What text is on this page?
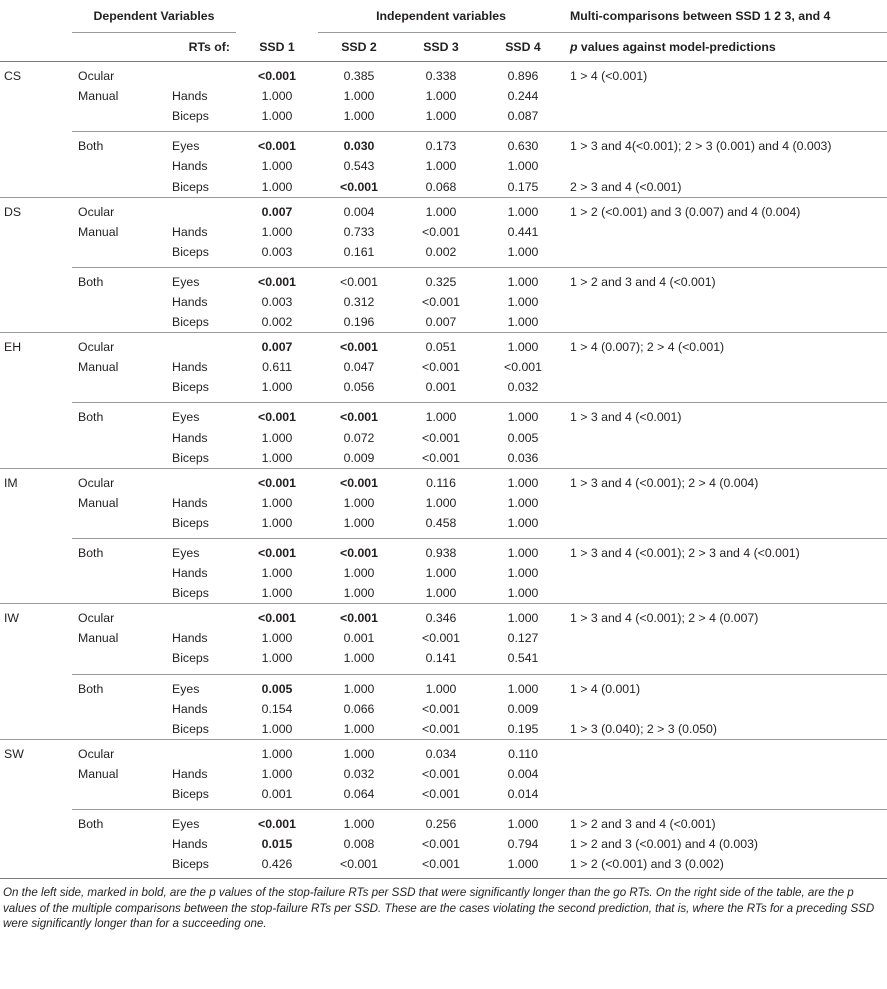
	Dependent Variables			Independent variables			Multi-comparisons between SSD 1 2 3, and 4
	RTs of:		SSD 1	SSD 2	SSD 3	SSD 4	p values against model-predictions
CS	Ocular		<0.001	0.385	0.338	0.896	1 > 4 (<0.001)
	Manual	Hands	1.000	1.000	1.000	0.244	
		Biceps	1.000	1.000	1.000	0.087	
	Both	Eyes	<0.001	0.030	0.173	0.630	1 > 3 and 4(<0.001); 2 > 3 (0.001) and 4 (0.003)
		Hands	1.000	0.543	1.000	1.000	
		Biceps	1.000	<0.001	0.068	0.175	2 > 3 and 4 (<0.001)
DS	Ocular		0.007	0.004	1.000	1.000	1 > 2 (<0.001) and 3 (0.007) and 4 (0.004)
	Manual	Hands	1.000	0.733	<0.001	0.441	
		Biceps	0.003	0.161	0.002	1.000	
	Both	Eyes	<0.001	<0.001	0.325	1.000	1 > 2 and 3 and 4 (<0.001)
		Hands	0.003	0.312	<0.001	1.000	
		Biceps	0.002	0.196	0.007	1.000	
EH	Ocular		0.007	<0.001	0.051	1.000	1 > 4 (0.007); 2 > 4 (<0.001)
	Manual	Hands	0.611	0.047	<0.001	<0.001	
		Biceps	1.000	0.056	0.001	0.032	
	Both	Eyes	<0.001	<0.001	1.000	1.000	1 > 3 and 4 (<0.001)
		Hands	1.000	0.072	<0.001	0.005	
		Biceps	1.000	0.009	<0.001	0.036	
IM	Ocular		<0.001	<0.001	0.116	1.000	1 > 3 and 4 (<0.001); 2 > 4 (0.004)
	Manual	Hands	1.000	1.000	1.000	1.000	
		Biceps	1.000	1.000	0.458	1.000	
	Both	Eyes	<0.001	<0.001	0.938	1.000	1 > 3 and 4 (<0.001); 2 > 3 and 4 (<0.001)
		Hands	1.000	1.000	1.000	1.000	
		Biceps	1.000	1.000	1.000	1.000	
IW	Ocular		<0.001	<0.001	0.346	1.000	1 > 3 and 4 (<0.001); 2 > 4 (0.007)
	Manual	Hands	1.000	0.001	<0.001	0.127	
		Biceps	1.000	1.000	0.141	0.541	
	Both	Eyes	0.005	1.000	1.000	1.000	1 > 4 (0.001)
		Hands	0.154	0.066	<0.001	0.009	
		Biceps	1.000	1.000	<0.001	0.195	1 > 3 (0.040); 2 > 3 (0.050)
SW	Ocular		1.000	1.000	0.034	0.110	
	Manual	Hands	1.000	0.032	<0.001	0.004	
		Biceps	0.001	0.064	<0.001	0.014	
	Both	Eyes	<0.001	1.000	0.256	1.000	1 > 2 and 3 and 4 (<0.001)
		Hands	0.015	0.008	<0.001	0.794	1 > 2 and 3 (<0.001) and 4 (0.003)
		Biceps	0.426	<0.001	<0.001	1.000	1 > 2 (<0.001) and 3 (0.002)

On the left side, marked in bold, are the p values of the stop-failure RTs per SSD that were significantly longer than the go RTs. On the right side of the table, are the p values of the multiple comparisons between the stop-failure RTs per SSD. These are the cases violating the second prediction, that is, where the RTs for a preceding SSD were significantly longer than for a succeeding one.
